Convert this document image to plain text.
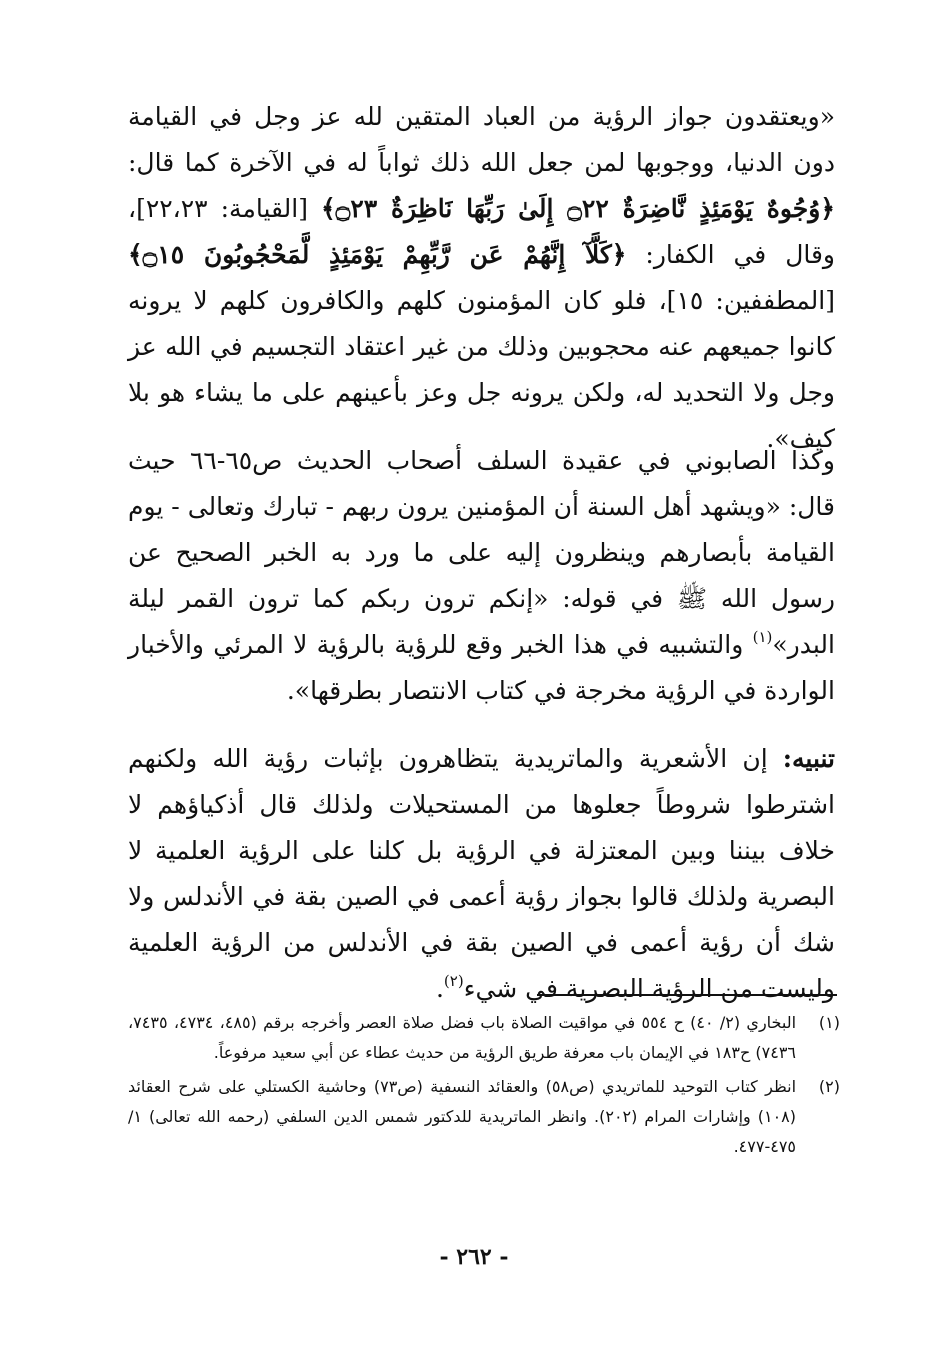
«ويعتقدون جواز الرؤية من العباد المتقين لله عز وجل في القيامة دون الدنيا، ووجوبها لمن جعل الله ذلك ثواباً له في الآخرة كما قال: ﴿وُجُوهٌ يَوْمَئِذٍ نَّاضِرَةٌ ۝٢٢ إِلَىٰ رَبِّهَا نَاظِرَةٌ ۝٢٣﴾ [القيامة: ٢٢،٢٣]، وقال في الكفار: ﴿كَلَّآ إِنَّهُمْ عَن رَّبِّهِمْ يَوْمَئِذٍ لَّمَحْجُوبُونَ ۝١٥﴾ [المطففين: ١٥]، فلو كان المؤمنون كلهم والكافرون كلهم لا يرونه كانوا جميعهم عنه محجوبين وذلك من غير اعتقاد التجسيم في الله عز وجل ولا التحديد له، ولكن يرونه جل وعز بأعينهم على ما يشاء هو بلا كيف».

وكذا الصابوني في عقيدة السلف أصحاب الحديث ص٦٥-٦٦ حيث قال: «ويشهد أهل السنة أن المؤمنين يرون ربهم - تبارك وتعالى - يوم القيامة بأبصارهم وينظرون إليه على ما ورد به الخبر الصحيح عن رسول الله ﷺ في قوله: «إنكم ترون ربكم كما ترون القمر ليلة البدر»$^{(١)}$ والتشبيه في هذا الخبر وقع للرؤية بالرؤية لا المرئي والأخبار الواردة في الرؤية مخرجة في كتاب الانتصار بطرقها».

تنبيه: إن الأشعرية والماتريدية يتظاهرون بإثبات رؤية الله ولكنهم اشترطوا شروطاً جعلوها من المستحيلات ولذلك قال أذكياؤهم لا خلاف بيننا وبين المعتزلة في الرؤية بل كلنا على الرؤية العلمية لا البصرية ولذلك قالوا بجواز رؤية أعمى في الصين بقة في الأندلس ولا شك أن رؤية أعمى في الصين بقة في الأندلس من الرؤية العلمية وليست من الرؤية البصرية في شيء$^{(٢)}$.

(١)
البخاري (٢/ ٤٠) ح ٥٥٤ في مواقيت الصلاة باب فضل صلاة العصر وأخرجه برقم (٤٨٥، ٤٧٣٤، ٧٤٣٥، ٧٤٣٦) ح١٨٣ في الإيمان باب معرفة طريق الرؤية من حديث عطاء عن أبي سعيد مرفوعاً.
(٢)
انظر كتاب التوحيد للماتريدي (ص٥٨) والعقائد النسفية (ص٧٣) وحاشية الكستلي على شرح العقائد (١٠٨) وإشارات المرام (٢٠٢). وانظر الماتريدية للدكتور شمس الدين السلفي (رحمه الله تعالى) ١/ ٤٧٥-٤٧٧.
- ٢٦٢ -
